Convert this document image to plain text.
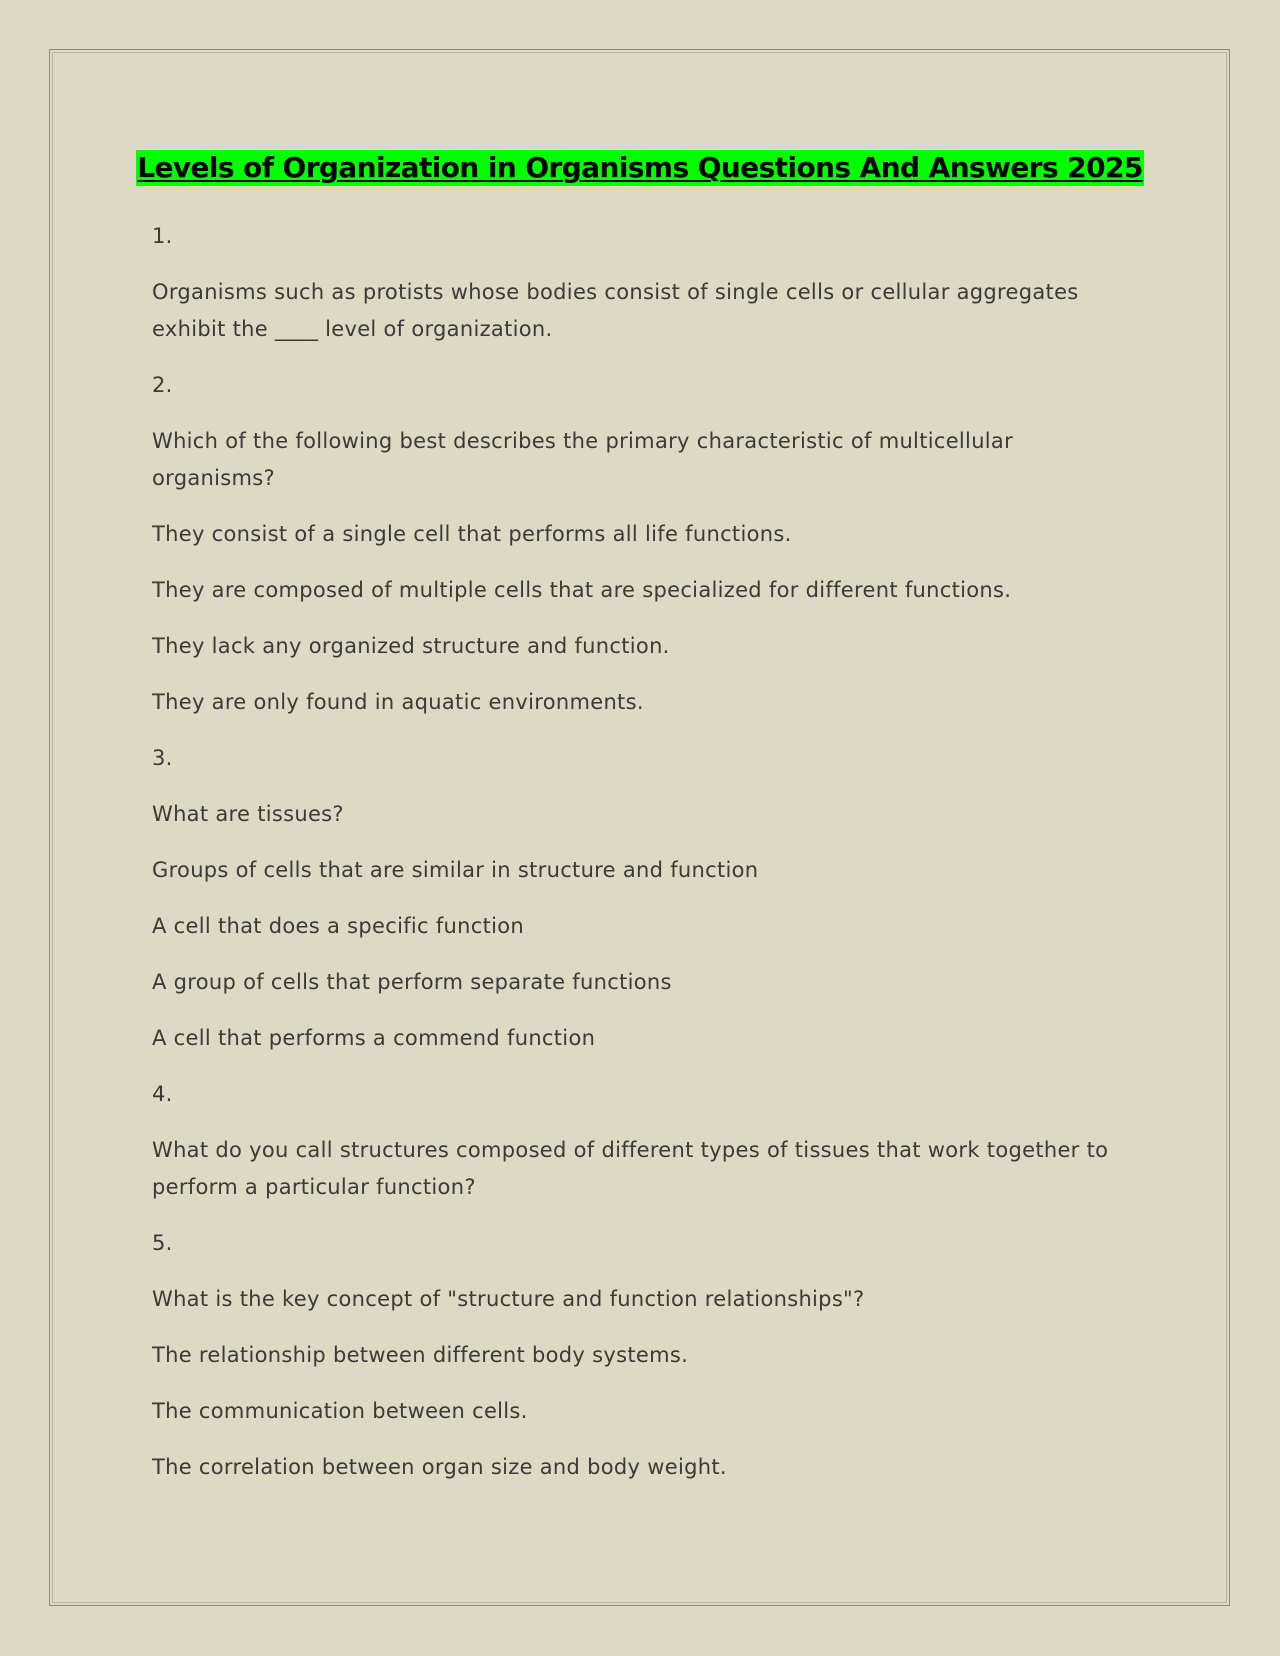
Levels of Organization in Organisms Questions And Answers 2025

1.

Organisms such as protists whose bodies consist of single cells or cellular aggregates exhibit the ____ level of organization.

2.

Which of the following best describes the primary characteristic of multicellular organisms?

They consist of a single cell that performs all life functions.

They are composed of multiple cells that are specialized for different functions.

They lack any organized structure and function.

They are only found in aquatic environments.

3.

What are tissues?

Groups of cells that are similar in structure and function

A cell that does a specific function

A group of cells that perform separate functions

A cell that performs a commend function

4.

What do you call structures composed of different types of tissues that work together to perform a particular function?

5.

What is the key concept of "structure and function relationships"?

The relationship between different body systems.

The communication between cells.

The correlation between organ size and body weight.
